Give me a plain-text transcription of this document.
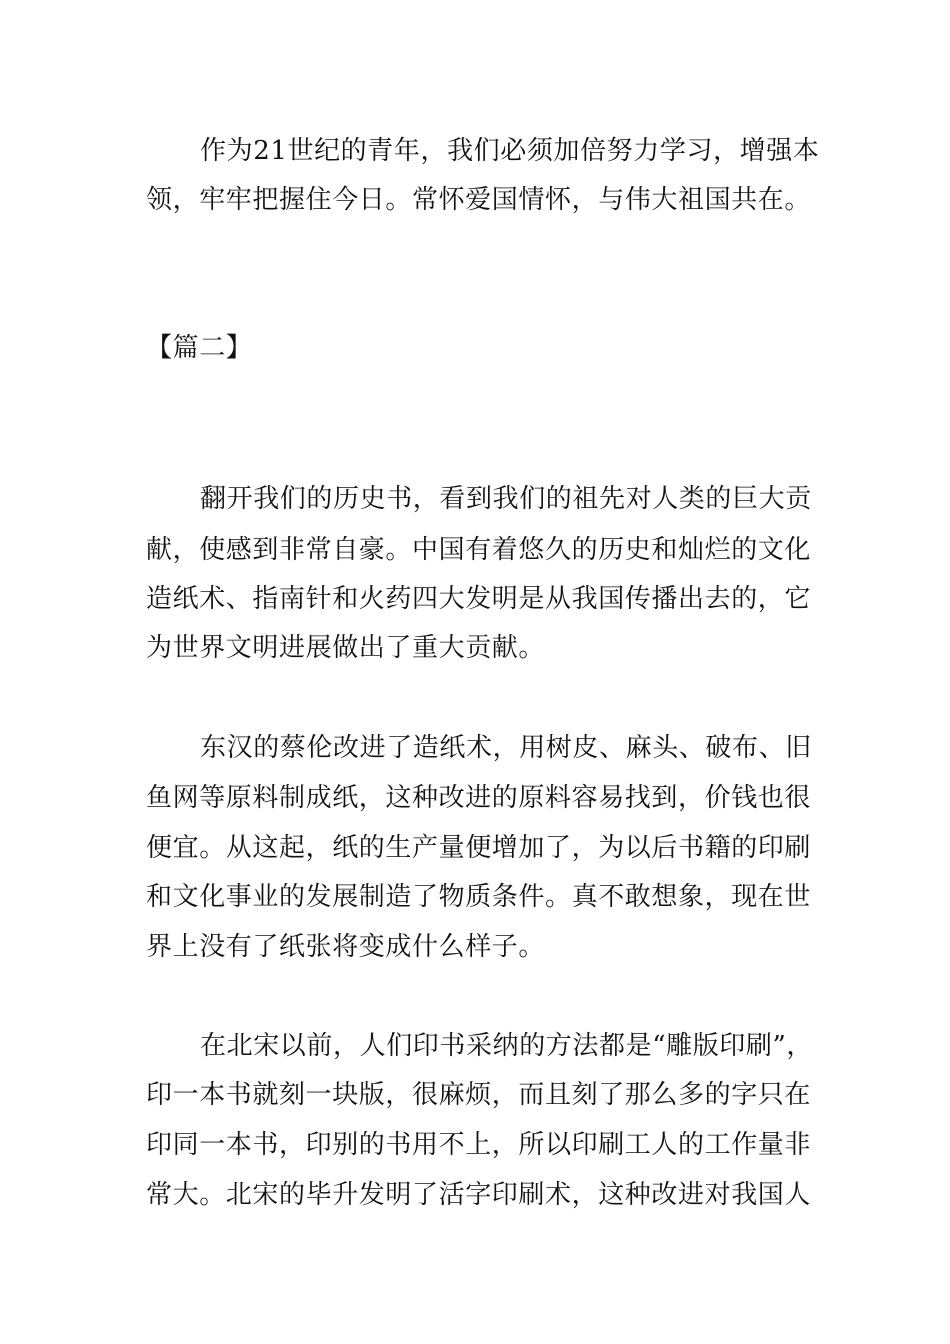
作为21世纪的青年，我们必须加倍努力学习，增强本
领，牢牢把握住今日。常怀爱国情怀，与伟大祖国共在。
【篇二】
翻开我们的历史书，看到我们的祖先对人类的巨大贡
献，使感到非常自豪。中国有着悠久的历史和灿烂的文化
造纸术、指南针和火药四大发明是从我国传播出去的，它
为世界文明进展做出了重大贡献。
东汉的蔡伦改进了造纸术，用树皮、麻头、破布、旧
鱼网等原料制成纸，这种改进的原料容易找到，价钱也很
便宜。从这起，纸的生产量便增加了，为以后书籍的印刷
和文化事业的发展制造了物质条件。真不敢想象，现在世
界上没有了纸张将变成什么样子。
在北宋以前，人们印书采纳的方法都是“雕版印刷”，
印一本书就刻一块版，很麻烦，而且刻了那么多的字只在
印同一本书，印别的书用不上，所以印刷工人的工作量非
常大。北宋的毕升发明了活字印刷术，这种改进对我国人
